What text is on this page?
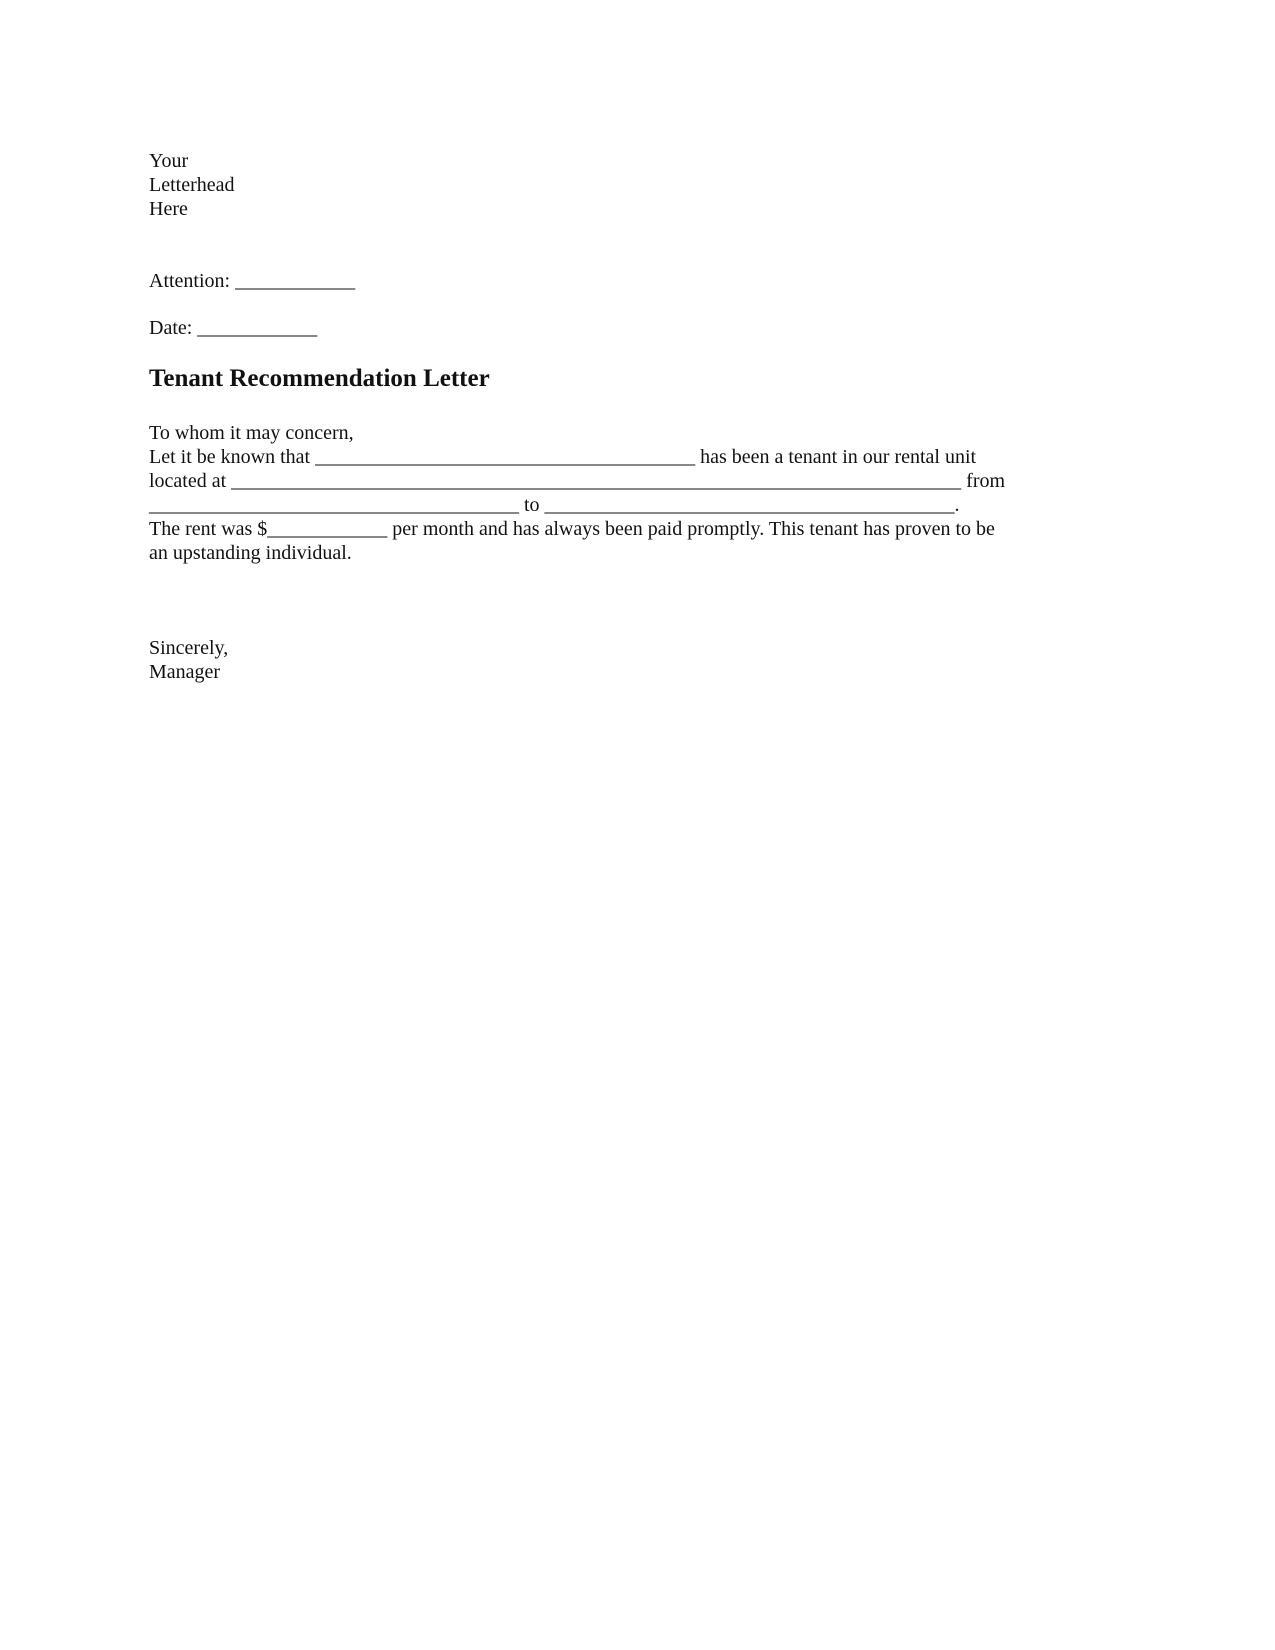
Your
Letterhead
Here
Attention: ____________
Date: ____________
Tenant Recommendation Letter
To whom it may concern,
Let it be known that ______________________________________ has been a tenant in our rental unit
located at _________________________________________________________________________ from
_____________________________________ to _________________________________________.
The rent was $____________ per month and has always been paid promptly. This tenant has proven to be
an upstanding individual.
Sincerely,
Manager
